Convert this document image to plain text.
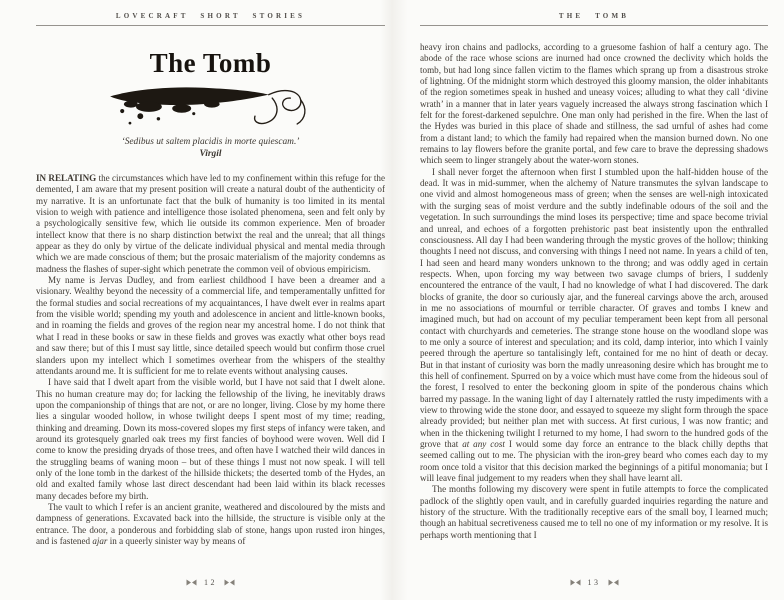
LOVECRAFT SHORT STORIES
The Tomb
‘Sedibus ut saltem placidis in morte quiescam.’
Virgil

IN RELATING the circumstances which have led to my confinement within this refuge for the demented, I am aware that my present position will create a natural doubt of the authenticity of my narrative. It is an unfortunate fact that the bulk of humanity is too limited in its mental vision to weigh with patience and intelligence those isolated phenomena, seen and felt only by a psychologically sensitive few, which lie outside its common experience. Men of broader intellect know that there is no sharp distinction betwixt the real and the unreal; that all things appear as they do only by virtue of the delicate individual physical and mental media through which we are made conscious of them; but the prosaic materialism of the majority condemns as madness the flashes of super-sight which penetrate the common veil of obvious empiricism.

My name is Jervas Dudley, and from earliest childhood I have been a dreamer and a visionary. Wealthy beyond the necessity of a commercial life, and temperamentally unfitted for the formal studies and social recreations of my acquaintances, I have dwelt ever in realms apart from the visible world; spending my youth and adolescence in ancient and little-known books, and in roaming the fields and groves of the region near my ancestral home. I do not think that what I read in these books or saw in these fields and groves was exactly what other boys read and saw there; but of this I must say little, since detailed speech would but confirm those cruel slanders upon my intellect which I sometimes overhear from the whispers of the stealthy attendants around me. It is sufficient for me to relate events without analysing causes.

I have said that I dwelt apart from the visible world, but I have not said that I dwelt alone. This no human creature may do; for lacking the fellowship of the living, he inevitably draws upon the companionship of things that are not, or are no longer, living. Close by my home there lies a singular wooded hollow, in whose twilight deeps I spent most of my time; reading, thinking and dreaming. Down its moss-covered slopes my first steps of infancy were taken, and around its grotesquely gnarled oak trees my first fancies of boyhood were woven. Well did I come to know the presiding dryads of those trees, and often have I watched their wild dances in the struggling beams of waning moon – but of these things I must not now speak. I will tell only of the lone tomb in the darkest of the hillside thickets; the deserted tomb of the Hydes, an old and exalted family whose last direct descendant had been laid within its black recesses many decades before my birth.

The vault to which I refer is an ancient granite, weathered and discoloured by the mists and dampness of generations. Excavated back into the hillside, the structure is visible only at the entrance. The door, a ponderous and forbidding slab of stone, hangs upon rusted iron hinges, and is fastened ajar in a queerly sinister way by means of

12
THE TOMB

heavy iron chains and padlocks, according to a gruesome fashion of half a century ago. The abode of the race whose scions are inurned had once crowned the declivity which holds the tomb, but had long since fallen victim to the flames which sprang up from a disastrous stroke of lightning. Of the midnight storm which destroyed this gloomy mansion, the older inhabitants of the region sometimes speak in hushed and uneasy voices; alluding to what they call ‘divine wrath’ in a manner that in later years vaguely increased the always strong fascination which I felt for the forest-darkened sepulchre. One man only had perished in the fire. When the last of the Hydes was buried in this place of shade and stillness, the sad urnful of ashes had come from a distant land; to which the family had repaired when the mansion burned down. No one remains to lay flowers before the granite portal, and few care to brave the depressing shadows which seem to linger strangely about the water-worn stones.

I shall never forget the afternoon when first I stumbled upon the half-hidden house of the dead. It was in mid-summer, when the alchemy of Nature transmutes the sylvan landscape to one vivid and almost homogeneous mass of green; when the senses are well-nigh intoxicated with the surging seas of moist verdure and the subtly indefinable odours of the soil and the vegetation. In such surroundings the mind loses its perspective; time and space become trivial and unreal, and echoes of a forgotten prehistoric past beat insistently upon the enthralled consciousness. All day I had been wandering through the mystic groves of the hollow; thinking thoughts I need not discuss, and conversing with things I need not name. In years a child of ten, I had seen and heard many wonders unknown to the throng; and was oddly aged in certain respects. When, upon forcing my way between two savage clumps of briers, I suddenly encountered the entrance of the vault, I had no knowledge of what I had discovered. The dark blocks of granite, the door so curiously ajar, and the funereal carvings above the arch, aroused in me no associations of mournful or terrible character. Of graves and tombs I knew and imagined much, but had on account of my peculiar temperament been kept from all personal contact with churchyards and cemeteries. The strange stone house on the woodland slope was to me only a source of interest and speculation; and its cold, damp interior, into which I vainly peered through the aperture so tantalisingly left, contained for me no hint of death or decay. But in that instant of curiosity was born the madly unreasoning desire which has brought me to this hell of confinement. Spurred on by a voice which must have come from the hideous soul of the forest, I resolved to enter the beckoning gloom in spite of the ponderous chains which barred my passage. In the waning light of day I alternately rattled the rusty impediments with a view to throwing wide the stone door, and essayed to squeeze my slight form through the space already provided; but neither plan met with success. At first curious, I was now frantic; and when in the thickening twilight I returned to my home, I had sworn to the hundred gods of the grove that at any cost I would some day force an entrance to the black chilly depths that seemed calling out to me. The physician with the iron-grey beard who comes each day to my room once told a visitor that this decision marked the beginnings of a pitiful monomania; but I will leave final judgement to my readers when they shall have learnt all.

The months following my discovery were spent in futile attempts to force the complicated padlock of the slightly open vault, and in carefully guarded inquiries regarding the nature and history of the structure. With the traditionally receptive ears of the small boy, I learned much; though an habitual secretiveness caused me to tell no one of my information or my resolve. It is perhaps worth mentioning that I

13
